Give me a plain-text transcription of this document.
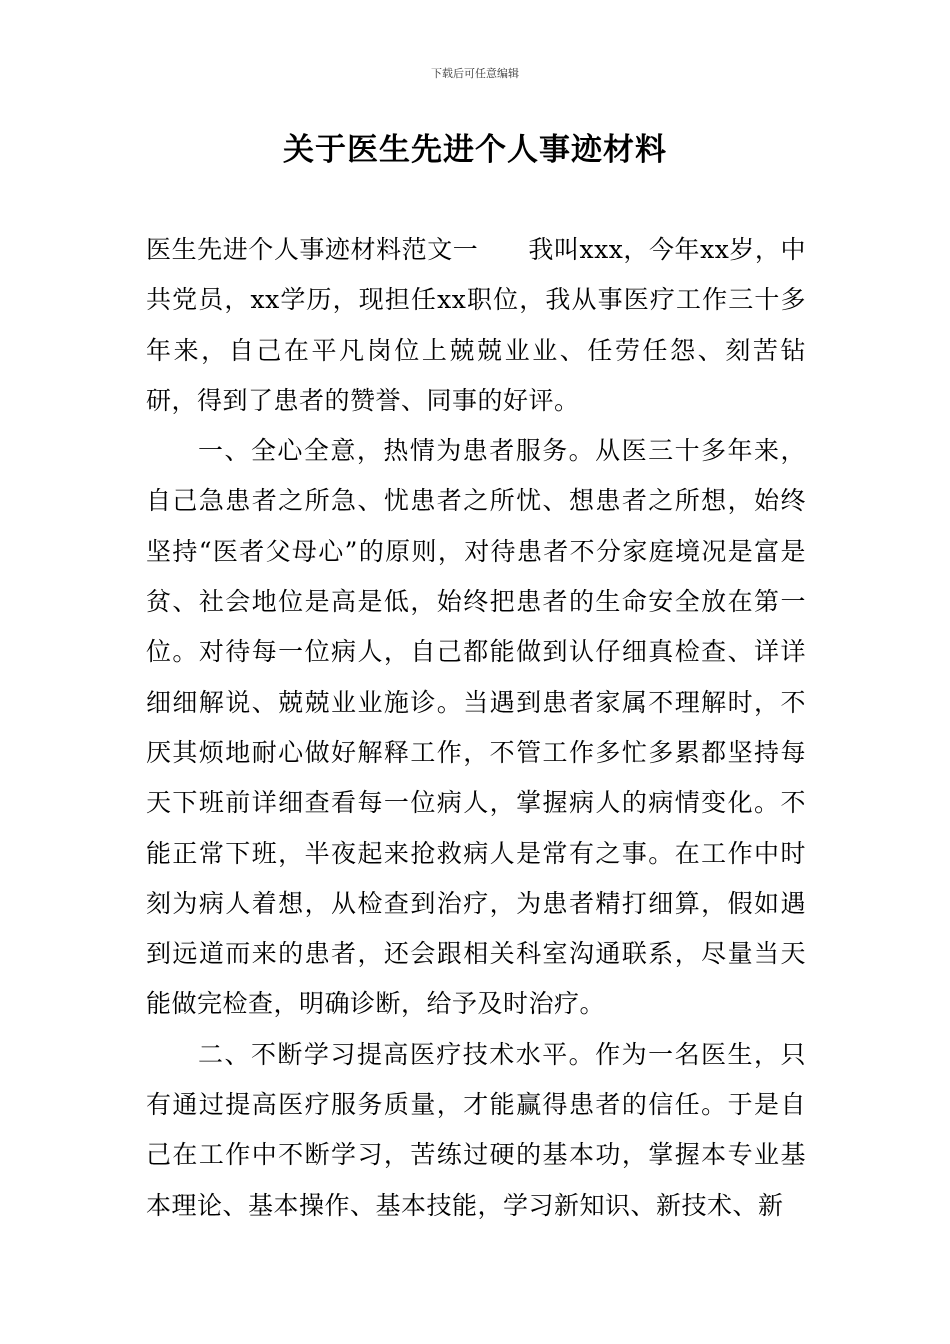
下载后可任意编辑
关于医生先进个人事迹材料

医生先进个人事迹材料范文一 我叫xxx，今年xx岁，中共党员，xx学历，现担任xx职位，我从事医疗工作三十多年来，自己在平凡岗位上兢兢业业、任劳任怨、刻苦钻研，得到了患者的赞誉、同事的好评。

一、全心全意，热情为患者服务。从医三十多年来，自己急患者之所急、忧患者之所忧、想患者之所想，始终坚持“医者父母心”的原则，对待患者不分家庭境况是富是贫、社会地位是高是低，始终把患者的生命安全放在第一位。对待每一位病人，自己都能做到认仔细真检查、详详细细解说、兢兢业业施诊。当遇到患者家属不理解时，不厌其烦地耐心做好解释工作，不管工作多忙多累都坚持每天下班前详细查看每一位病人，掌握病人的病情变化。不能正常下班，半夜起来抢救病人是常有之事。在工作中时刻为病人着想，从检查到治疗，为患者精打细算，假如遇到远道而来的患者，还会跟相关科室沟通联系，尽量当天能做完检查，明确诊断，给予及时治疗。

二、不断学习提高医疗技术水平。作为一名医生，只有通过提高医疗服务质量，才能赢得患者的信任。于是自己在工作中不断学习，苦练过硬的基本功，掌握本专业基本理论、基本操作、基本技能，学习新知识、新技术、新
